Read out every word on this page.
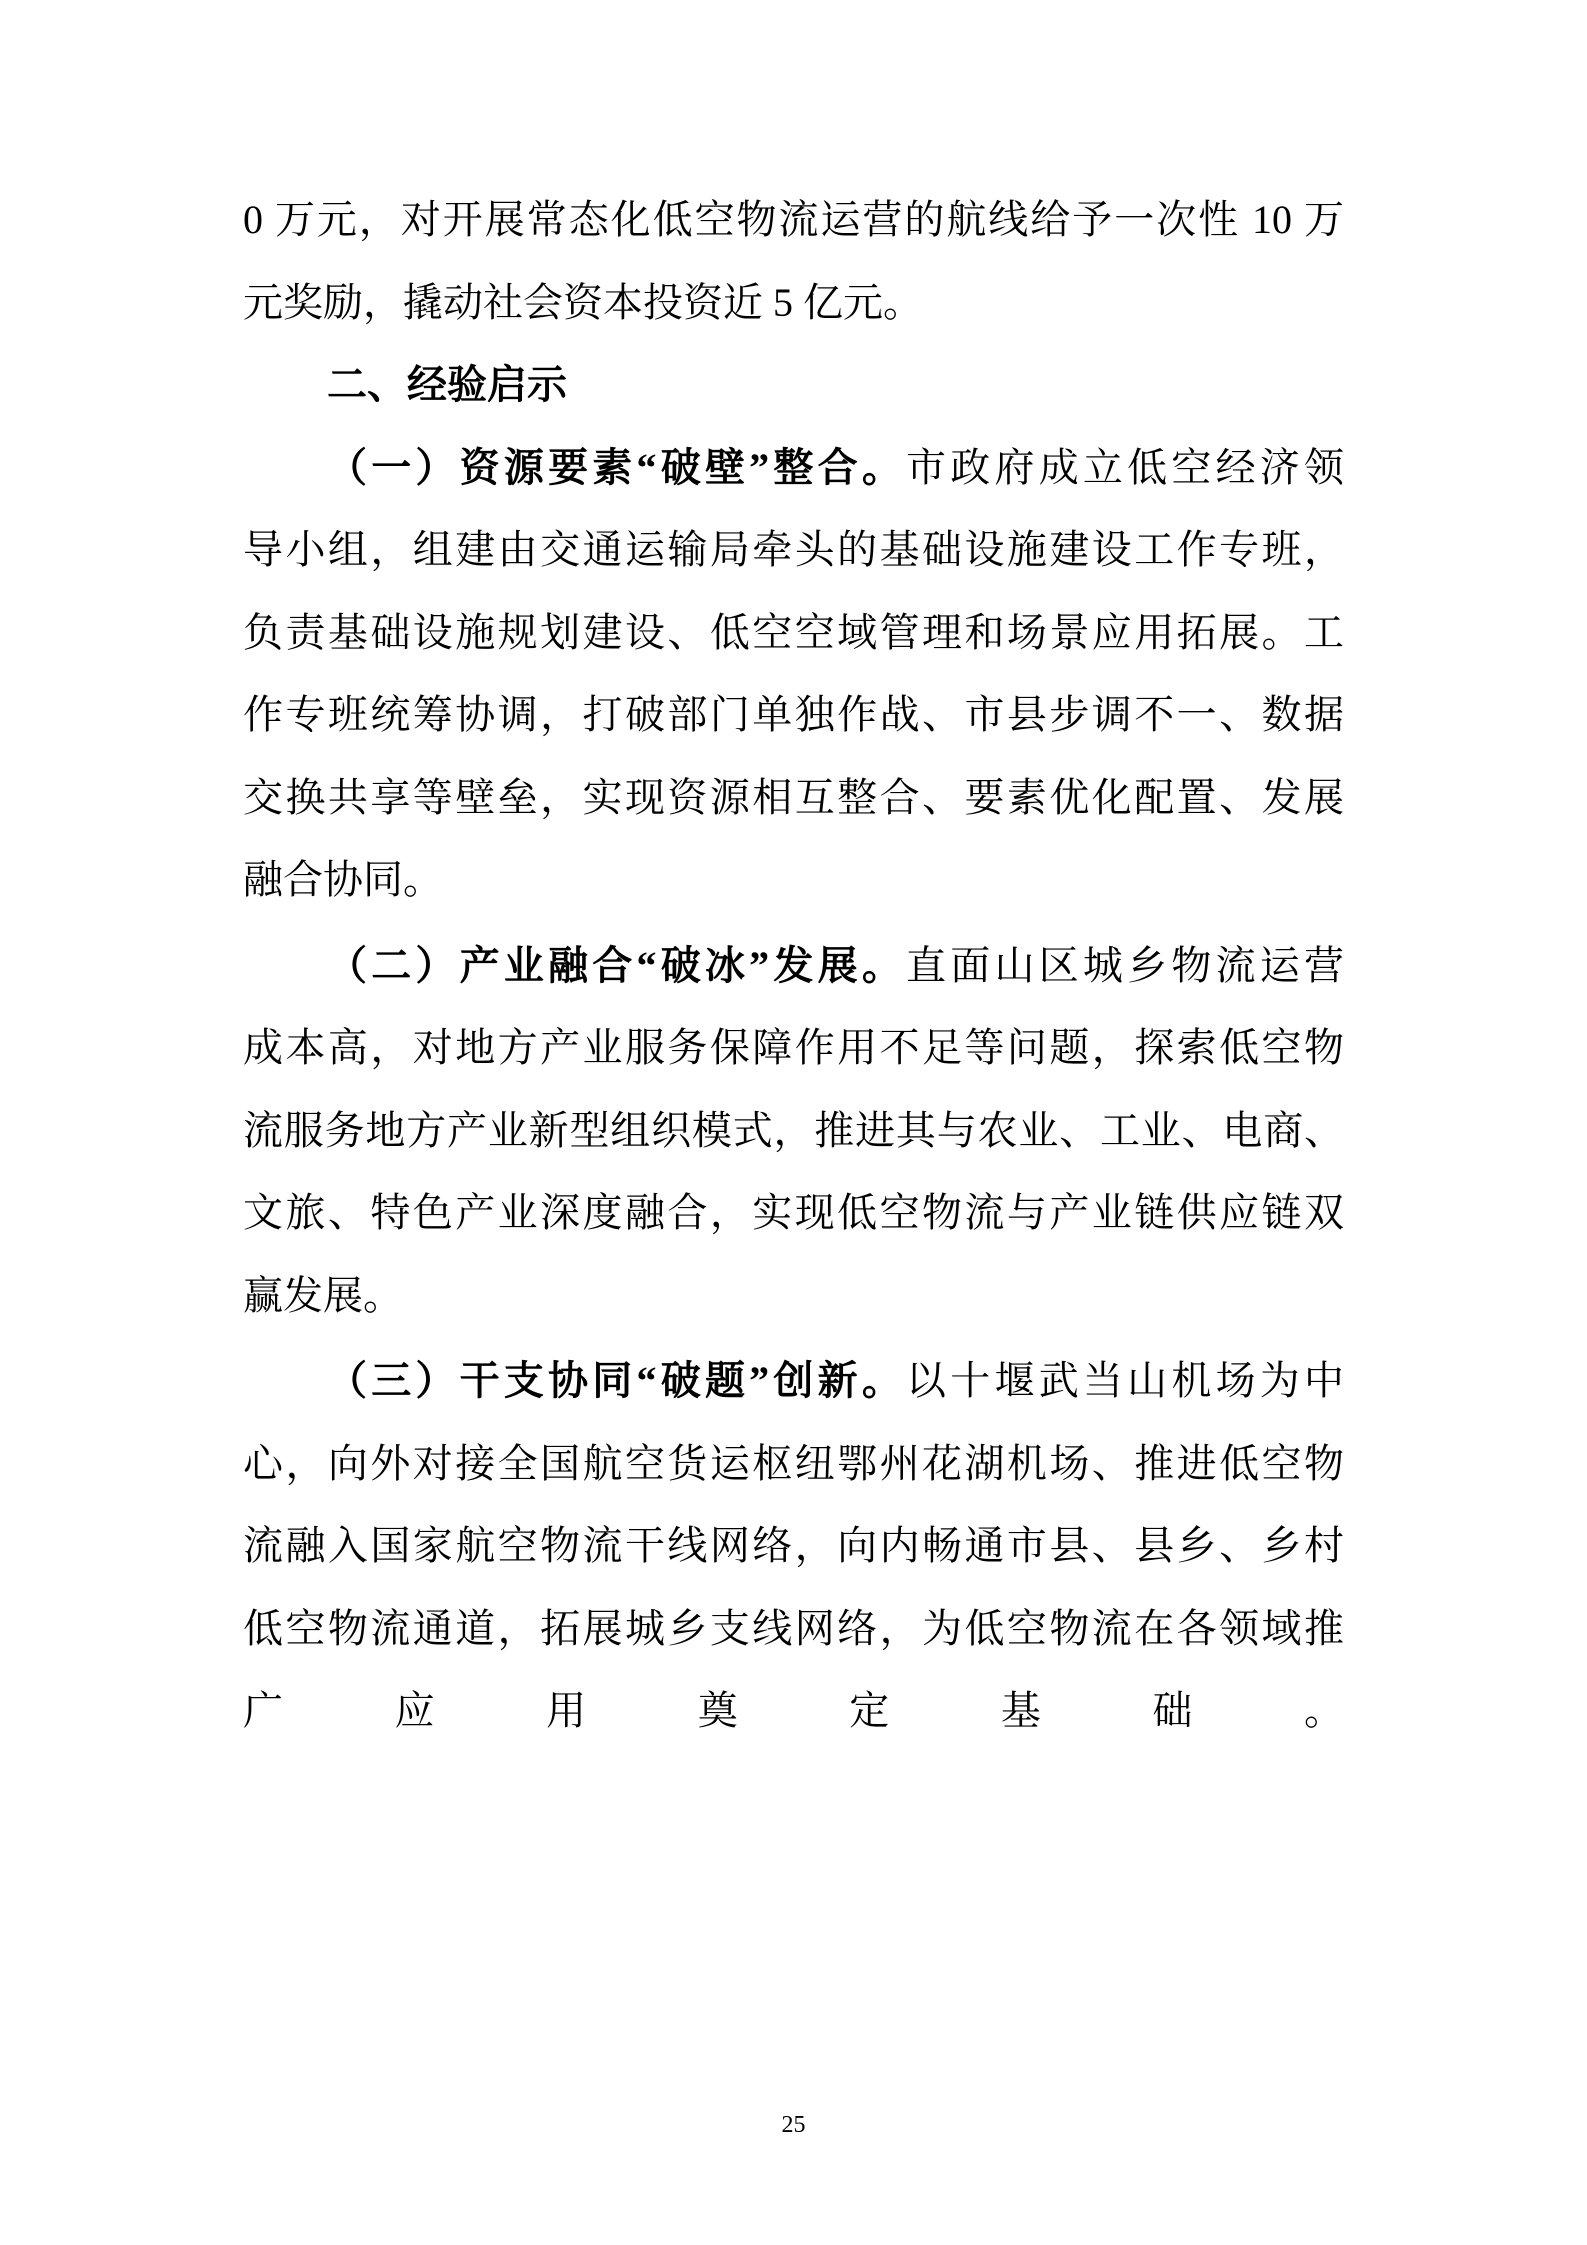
0 万元，对开展常态化低空物流运营的航线给予一次性 10 万
元奖励，撬动社会资本投资近 5 亿元。
二、经验启示
（一）资源要素“破壁”整合。市政府成立低空经济领
导小组，组建由交通运输局牵头的基础设施建设工作专班，
负责基础设施规划建设、低空空域管理和场景应用拓展。工
作专班统筹协调，打破部门单独作战、市县步调不一、数据
交换共享等壁垒，实现资源相互整合、要素优化配置、发展
融合协同。
（二）产业融合“破冰”发展。直面山区城乡物流运营
成本高，对地方产业服务保障作用不足等问题，探索低空物
流服务地方产业新型组织模式，推进其与农业、工业、电商、
文旅、特色产业深度融合，实现低空物流与产业链供应链双
赢发展。
（三）干支协同“破题”创新。以十堰武当山机场为中
心，向外对接全国航空货运枢纽鄂州花湖机场、推进低空物
流融入国家航空物流干线网络，向内畅通市县、县乡、乡村
低空物流通道，拓展城乡支线网络，为低空物流在各领域推
广 应 用 奠 定 基 础 。
25
